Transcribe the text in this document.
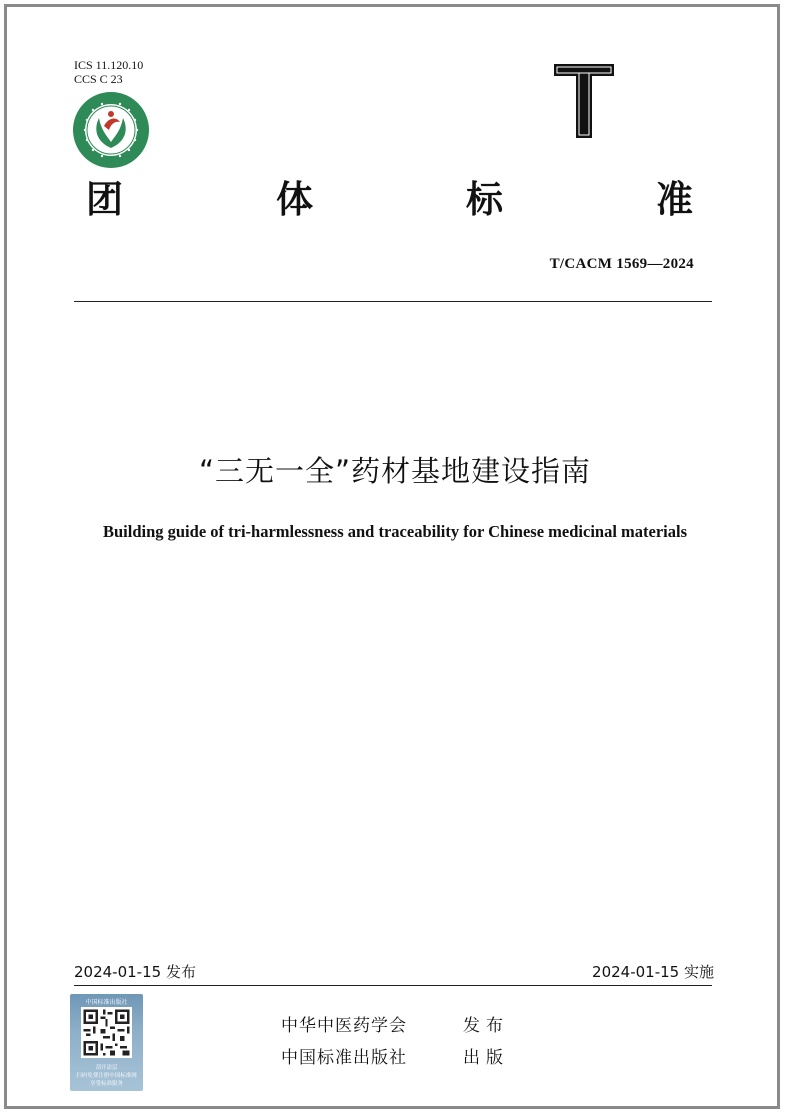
ICS 11.120.10
CCS C 23
团	体	标	准
T/CACM 1569—2024
“三无一全”药材基地建设指南
Building guide of tri-harmlessness and traceability for Chinese medicinal materials
2024-01-15 发布	2024-01-15 实施
中国标准出版社
刮开涂层
扫码免费注册中国标准网
享受标准服务
中华中医药学会	发布
中国标准出版社	出版
